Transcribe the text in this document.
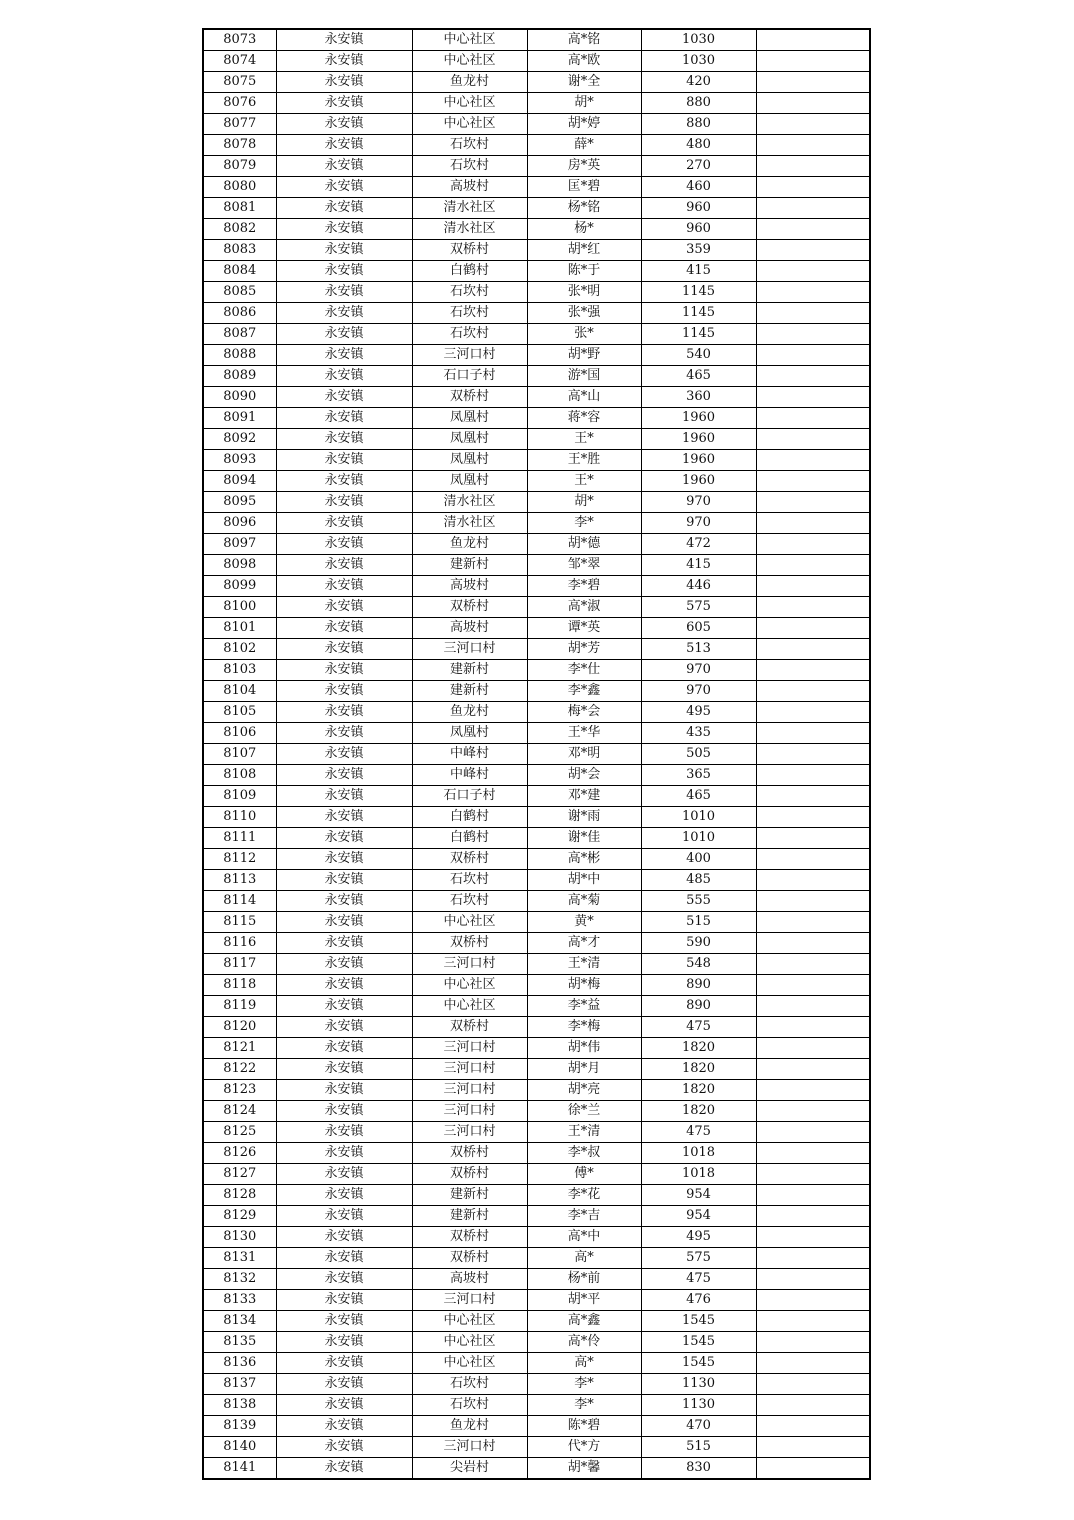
8073	永安镇	中心社区	高*铭	1030	
8074	永安镇	中心社区	高*欧	1030	
8075	永安镇	鱼龙村	谢*全	420	
8076	永安镇	中心社区	胡*	880	
8077	永安镇	中心社区	胡*婷	880	
8078	永安镇	石坎村	薛*	480	
8079	永安镇	石坎村	房*英	270	
8080	永安镇	高坡村	匡*碧	460	
8081	永安镇	清水社区	杨*铭	960	
8082	永安镇	清水社区	杨*	960	
8083	永安镇	双桥村	胡*红	359	
8084	永安镇	白鹤村	陈*于	415	
8085	永安镇	石坎村	张*明	1145	
8086	永安镇	石坎村	张*强	1145	
8087	永安镇	石坎村	张*	1145	
8088	永安镇	三河口村	胡*野	540	
8089	永安镇	石口子村	游*国	465	
8090	永安镇	双桥村	高*山	360	
8091	永安镇	凤凰村	蒋*容	1960	
8092	永安镇	凤凰村	王*	1960	
8093	永安镇	凤凰村	王*胜	1960	
8094	永安镇	凤凰村	王*	1960	
8095	永安镇	清水社区	胡*	970	
8096	永安镇	清水社区	李*	970	
8097	永安镇	鱼龙村	胡*德	472	
8098	永安镇	建新村	邹*翠	415	
8099	永安镇	高坡村	李*碧	446	
8100	永安镇	双桥村	高*淑	575	
8101	永安镇	高坡村	谭*英	605	
8102	永安镇	三河口村	胡*芳	513	
8103	永安镇	建新村	李*仕	970	
8104	永安镇	建新村	李*鑫	970	
8105	永安镇	鱼龙村	梅*会	495	
8106	永安镇	凤凰村	王*华	435	
8107	永安镇	中峰村	邓*明	505	
8108	永安镇	中峰村	胡*会	365	
8109	永安镇	石口子村	邓*建	465	
8110	永安镇	白鹤村	谢*雨	1010	
8111	永安镇	白鹤村	谢*佳	1010	
8112	永安镇	双桥村	高*彬	400	
8113	永安镇	石坎村	胡*中	485	
8114	永安镇	石坎村	高*菊	555	
8115	永安镇	中心社区	黄*	515	
8116	永安镇	双桥村	高*才	590	
8117	永安镇	三河口村	王*清	548	
8118	永安镇	中心社区	胡*梅	890	
8119	永安镇	中心社区	李*益	890	
8120	永安镇	双桥村	李*梅	475	
8121	永安镇	三河口村	胡*伟	1820	
8122	永安镇	三河口村	胡*月	1820	
8123	永安镇	三河口村	胡*亮	1820	
8124	永安镇	三河口村	徐*兰	1820	
8125	永安镇	三河口村	王*清	475	
8126	永安镇	双桥村	李*叔	1018	
8127	永安镇	双桥村	傅*	1018	
8128	永安镇	建新村	李*花	954	
8129	永安镇	建新村	李*吉	954	
8130	永安镇	双桥村	高*中	495	
8131	永安镇	双桥村	高*	575	
8132	永安镇	高坡村	杨*前	475	
8133	永安镇	三河口村	胡*平	476	
8134	永安镇	中心社区	高*鑫	1545	
8135	永安镇	中心社区	高*伶	1545	
8136	永安镇	中心社区	高*	1545	
8137	永安镇	石坎村	李*	1130	
8138	永安镇	石坎村	李*	1130	
8139	永安镇	鱼龙村	陈*碧	470	
8140	永安镇	三河口村	代*方	515	
8141	永安镇	尖岩村	胡*馨	830	
